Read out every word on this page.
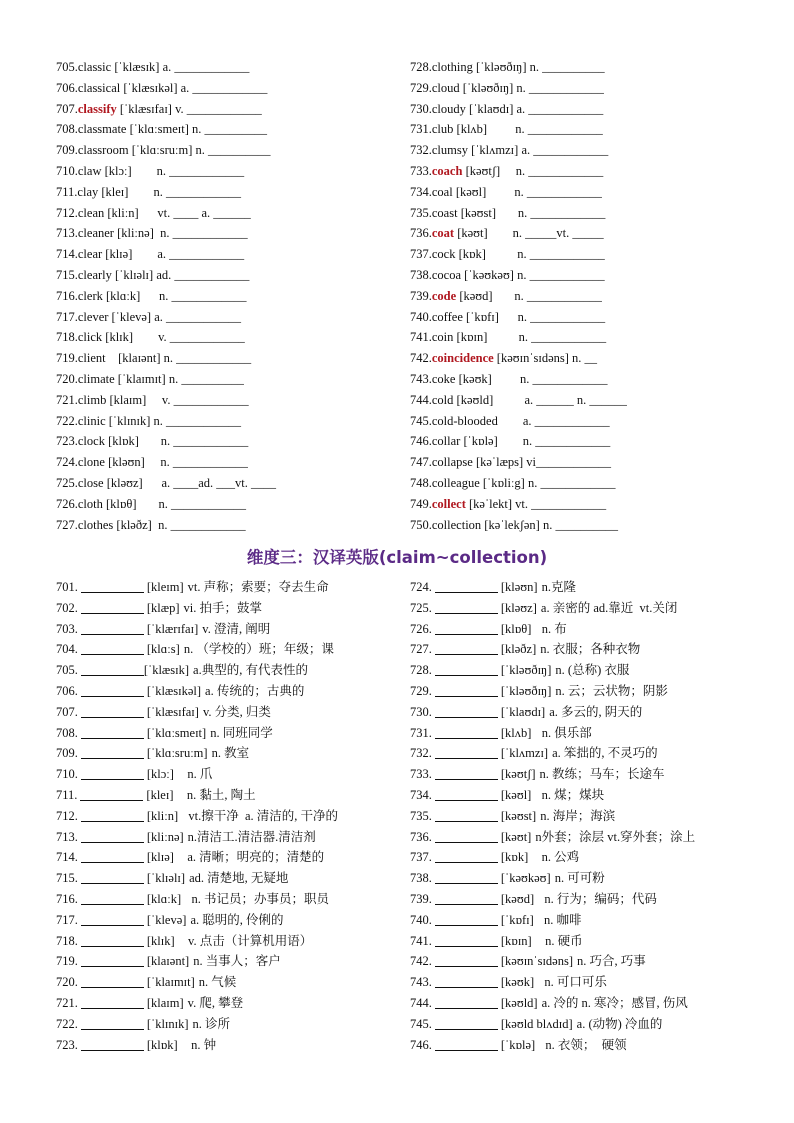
705.classic [ˈklæsɪk] a. ____________
706.classical [ˈklæsɪkəl] a. ____________
707.classify [ˈklæsɪfaɪ] v. ____________
708.classmate [ˈklɑːsmeɪt] n. __________
709.classroom [ˈklɑːsruːm] n. __________
710.claw [klɔː]        n. ____________
711.clay [kleɪ]        n. ____________
712.clean [kliːn]      vt. ____ a. ______
713.cleaner [kliːnə]  n. ____________
714.clear [klɪə]        a. ____________
715.clearly [ˈklɪəlɪ] ad. ____________
716.clerk [klɑːk]      n. ____________
717.clever [ˈklevə] a. ____________
718.click [klɪk]        v. ____________
719.client    [klaɪənt] n. ____________
720.climate [ˈklaɪmɪt] n. __________
721.climb [klaɪm]     v. ____________
722.clinic [ˈklɪnɪk] n. ____________
723.clock [klɒk]       n. ____________
724.clone [kləʊn]     n. ____________
725.close [kləʊz]      a. ____ad. ___vt. ____
726.cloth [klɒθ]       n. ____________
727.clothes [kləðz]  n. ____________
728.clothing [ˈkləʊðɪŋ] n. __________
729.cloud [ˈkləʊðɪŋ] n. ____________
730.cloudy [ˈklaʊdɪ] a. ____________
731.club [klʌb]         n. ____________
732.clumsy [ˈklʌmzɪ] a. ____________
733.coach [kəʊtʃ]     n. ____________
734.coal [kəʊl]         n. ____________
735.coast [kəʊst]       n. ____________
736.coat [kəʊt]        n. _____vt. _____
737.cock [kɒk]          n. ____________
738.cocoa [ˈkəʊkəʊ] n. ____________
739.code [kəʊd]       n. ____________
740.coffee [ˈkɒfɪ]      n. ____________
741.coin [kɒɪn]          n. ____________
742.coincidence [kəʊɪnˈsɪdəns] n. __
743.coke [kəʊk]         n. ____________
744.cold [kəʊld]          a. ______ n. ______
745.cold-blooded        a. ____________
746.collar [ˈkɒlə]        n. ____________
747.collapse [kəˈlæps] vi____________
748.colleague [ˈkɒliːg] n. ____________
749.collect [kəˈlekt] vt. ____________
750.collection [kəˈlekʃən] n. __________
维度三：汉译英版(claim~collection)
701.	[kleɪm] vt. 声称；索要；夺去生命
702.	[klæp] vi. 拍手；鼓掌
703.	[ˈklærɪfaɪ] v. 澄清, 阐明
704.	[klɑːs] n. （学校的）班；年级；课
705.	[ˈklæsɪk] a.典型的, 有代表性的
706.	[ˈklæsɪkəl] a. 传统的；古典的
707.	[ˈklæsɪfaɪ] v. 分类, 归类
708.	[ˈklɑːsmeɪt] n. 同班同学
709.	[ˈklɑːsruːm] n. 教室
710.	[klɔː]   n. 爪
711.	[kleɪ]   n. 黏土, 陶土
712.	[kliːn]  vt.擦干净  a. 清洁的, 干净的
713.	[kliːnə] n.清洁工.清洁器.清洁剂
714.	[klɪə]   a. 清晰；明亮的；清楚的
715.	[ˈklɪəlɪ] ad. 清楚地, 无疑地
716.	[klɑːk]  n. 书记员；办事员；职员
717.	[ˈklevə] a. 聪明的, 伶俐的
718.	[klɪk]   v. 点击（计算机用语）
719.	[klaɪənt] n. 当事人；客户
720.	[ˈklaɪmɪt] n. 气候
721.	[klaɪm] v. 爬, 攀登
722.	[ˈklɪnɪk] n. 诊所
723.	[klɒk]   n. 钟
724.	[kləʊn] n.克隆
725.	[kləʊz] a. 亲密的 ad.靠近  vt.关闭
726.	[klɒθ]  n. 布
727.	[kləðz] n. 衣服；各种衣物
728.	[ˈkləʊðɪŋ] n. (总称) 衣服
729.	[ˈkləʊðɪŋ] n. 云；云状物；阴影
730.	[ˈklaʊdɪ] a. 多云的, 阴天的
731.	[klʌb]  n. 俱乐部
732.	[ˈklʌmzɪ] a. 笨拙的, 不灵巧的
733.	[kəʊtʃ] n. 教练；马车；长途车
734.	[kəʊl]  n. 煤；煤块
735.	[kəʊst] n. 海岸；海滨
736.	[kəʊt] n外套；涂层 vt.穿外套；涂上
737.	[kɒk]   n. 公鸡
738.	[ˈkəʊkəʊ] n. 可可粉
739.	[kəʊd]  n. 行为；编码；代码
740.	[ˈkɒfɪ]  n. 咖啡
741.	[kɒɪn]   n. 硬币
742.	[kəʊɪnˈsɪdəns] n. 巧合, 巧事
743.	[kəʊk]  n. 可口可乐
744.	[kəʊld] a. 冷的 n. 寒冷；感冒, 伤风
745.	[kəʊld blʌdɪd] a. (动物) 冷血的
746.	[ˈkɒlə]  n. 衣领；  硬领
